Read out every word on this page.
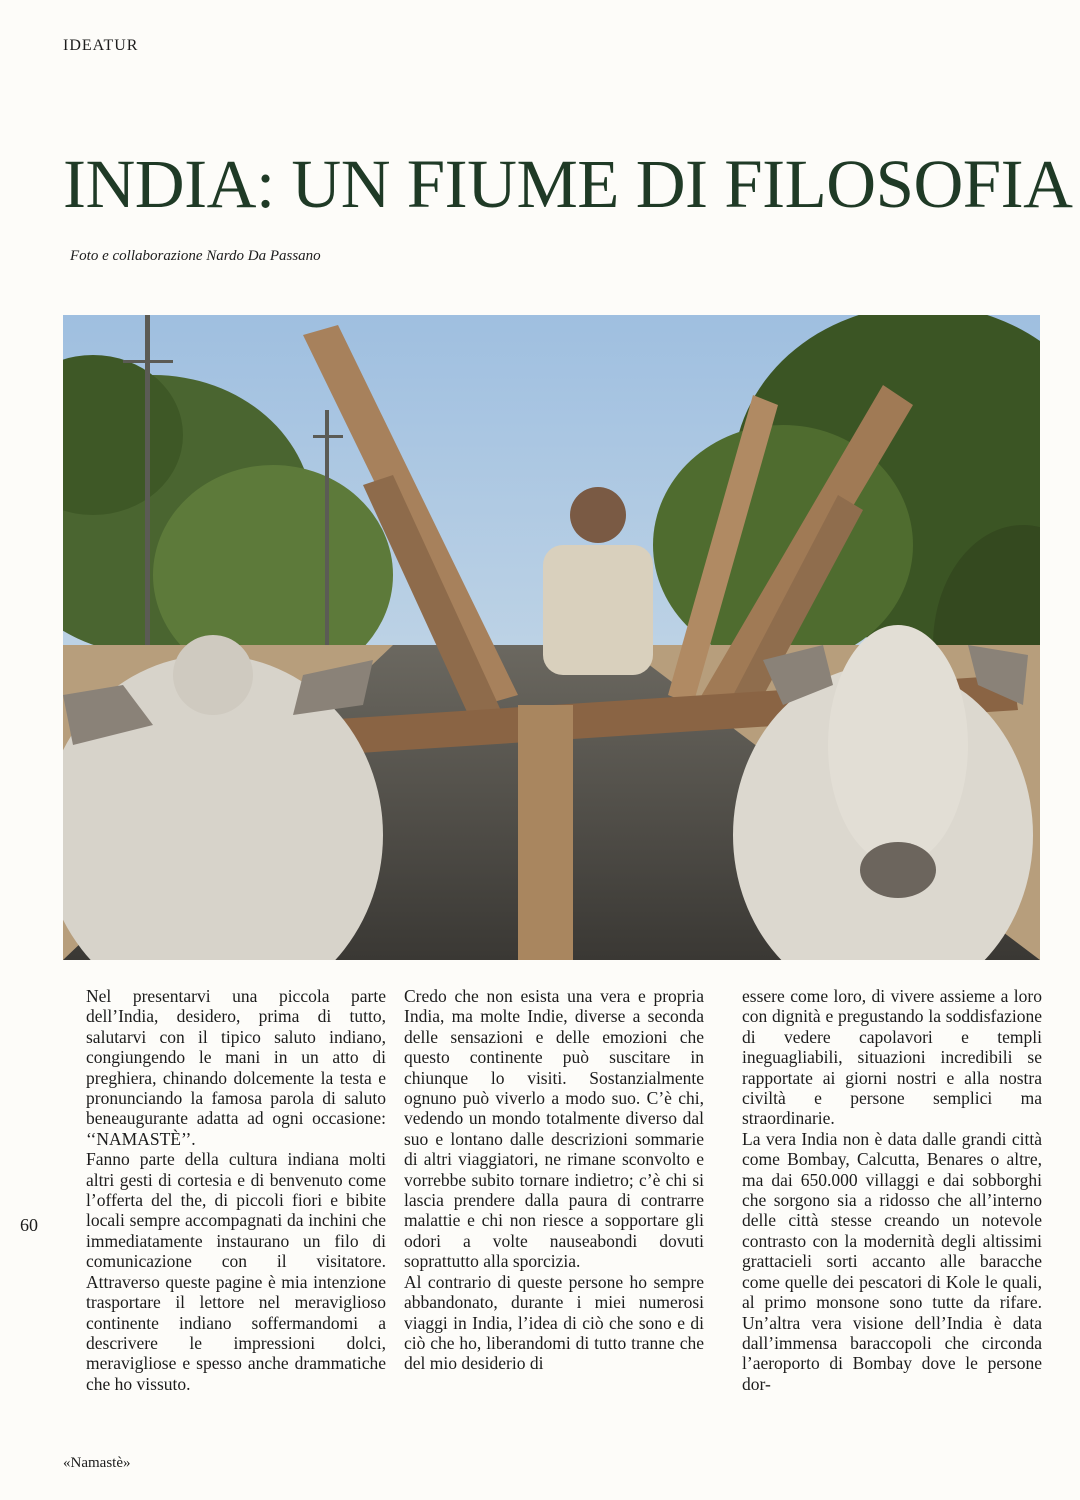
IDEATUR
INDIA: UN FIUME DI FILOSOFIA
Foto e collaborazione Nardo Da Passano

Nel presentarvi una piccola parte dell’India, desidero, prima di tutto, salutarvi con il tipico saluto indiano, congiungendo le mani in un atto di preghiera, chinando dolcemente la testa e pronunciando la famosa parola di saluto beneaugurante adatta ad ogni occasione: ‘‘NAMASTÈ’’.

Fanno parte della cultura indiana molti altri gesti di cortesia e di benvenuto come l’offerta del the, di piccoli fiori e bibite locali sempre accompagnati da inchini che immediatamente instaurano un filo di comunicazione con il visitatore. Attraverso queste pagine è mia intenzione trasportare il lettore nel meraviglioso continente indiano soffermandomi a descrivere le impressioni dolci, meravigliose e spesso anche drammatiche che ho vissuto.

Credo che non esista una vera e propria India, ma molte Indie, diverse a seconda delle sensazioni e delle emozioni che questo continente può suscitare in chiunque lo visiti. Sostanzialmente ognuno può viverlo a modo suo. C’è chi, vedendo un mondo totalmente diverso dal suo e lontano dalle descrizioni sommarie di altri viaggiatori, ne rimane sconvolto e vorrebbe subito tornare indietro; c’è chi si lascia prendere dalla paura di contrarre malattie e chi non riesce a sopportare gli odori a volte nauseabondi dovuti soprattutto alla sporcizia.

Al contrario di queste persone ho sempre abbandonato, durante i miei numerosi viaggi in India, l’idea di ciò che sono e di ciò che ho, liberandomi di tutto tranne che del mio desiderio di

essere come loro, di vivere assieme a loro con dignità e pregustando la soddisfazione di vedere capolavori e templi ineguagliabili, situazioni incredibili se rapportate ai giorni nostri e alla nostra civiltà e persone semplici ma straordinarie.

La vera India non è data dalle grandi città come Bombay, Calcutta, Benares o altre, ma dai 650.000 villaggi e dai sobborghi che sorgono sia a ridosso che all’interno delle città stesse creando un notevole contrasto con la modernità degli altissimi grattacieli sorti accanto alle baracche come quelle dei pescatori di Kole le quali, al primo monsone sono tutte da rifare. Un’altra vera visione dell’India è data dall’immensa baraccopoli che circonda l’aeroporto di Bombay dove le persone dor-

60
«Namastè»
